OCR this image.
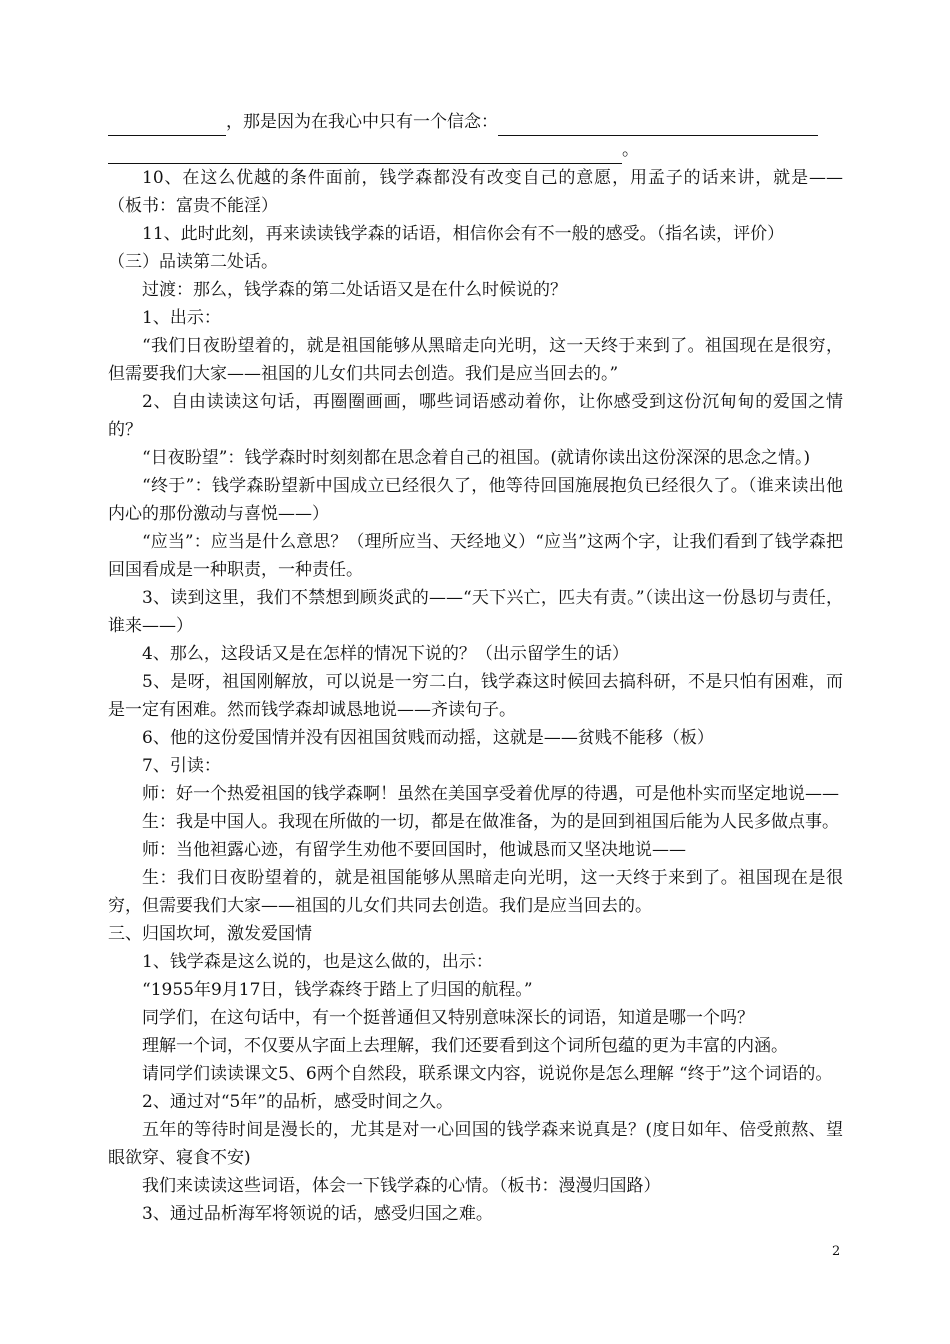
，那是因为在我心中只有一个信念：
。

10、在这么优越的条件面前，钱学森都没有改变自己的意愿，用孟子的话来讲，就是——（板书：富贵不能淫）

11、此时此刻，再来读读钱学森的话语，相信你会有不一般的感受。（指名读，评价）

（三）品读第二处话。

过渡：那么，钱学森的第二处话语又是在什么时候说的？

1、出示：

“我们日夜盼望着的，就是祖国能够从黑暗走向光明，这一天终于来到了。祖国现在是很穷，但需要我们大家——祖国的儿女们共同去创造。我们是应当回去的。”

2、自由读读这句话，再圈圈画画，哪些词语感动着你，让你感受到这份沉甸甸的爱国之情的？

“日夜盼望”：钱学森时时刻刻都在思念着自己的祖国。(就请你读出这份深深的思念之情。)

“终于”：钱学森盼望新中国成立已经很久了，他等待回国施展抱负已经很久了。（谁来读出他内心的那份激动与喜悦——）

“应当”：应当是什么意思？（理所应当、天经地义）“应当”这两个字，让我们看到了钱学森把回国看成是一种职责，一种责任。

3、读到这里，我们不禁想到顾炎武的——“天下兴亡，匹夫有责。”（读出这一份恳切与责任，谁来——）

4、那么，这段话又是在怎样的情况下说的？（出示留学生的话）

5、是呀，祖国刚解放，可以说是一穷二白，钱学森这时候回去搞科研，不是只怕有困难，而是一定有困难。然而钱学森却诚恳地说——齐读句子。

6、他的这份爱国情并没有因祖国贫贱而动摇，这就是——贫贱不能移（板）

7、引读：

师：好一个热爱祖国的钱学森啊！虽然在美国享受着优厚的待遇，可是他朴实而坚定地说——

生：我是中国人。我现在所做的一切，都是在做准备，为的是回到祖国后能为人民多做点事。

师：当他袒露心迹，有留学生劝他不要回国时，他诚恳而又坚决地说——

生：我们日夜盼望着的，就是祖国能够从黑暗走向光明，这一天终于来到了。祖国现在是很穷，但需要我们大家——祖国的儿女们共同去创造。我们是应当回去的。

三、归国坎坷，激发爱国情

1、钱学森是这么说的，也是这么做的，出示：

“1955年9月17日，钱学森终于踏上了归国的航程。”

同学们，在这句话中，有一个挺普通但又特别意味深长的词语，知道是哪一个吗？

理解一个词，不仅要从字面上去理解，我们还要看到这个词所包蕴的更为丰富的内涵。

请同学们读读课文5、6两个自然段，联系课文内容，说说你是怎么理解 “终于”这个词语的。

2、通过对“5年”的品析，感受时间之久。

五年的等待时间是漫长的，尤其是对一心回国的钱学森来说真是？(度日如年、倍受煎熬、望眼欲穿、寝食不安)

我们来读读这些词语，体会一下钱学森的心情。（板书：漫漫归国路）

3、通过品析海军将领说的话，感受归国之难。

2
